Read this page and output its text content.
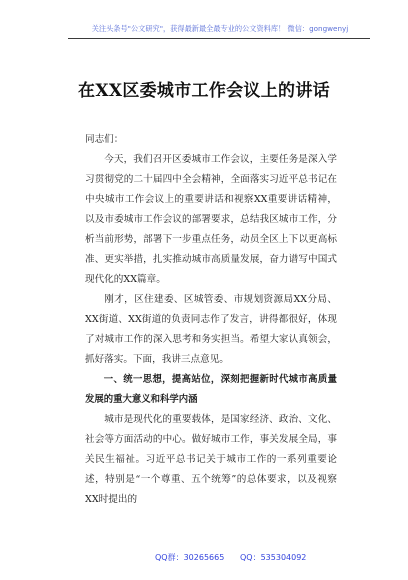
关注头条号"公文研究"，获得最新最全最专业的公文资料库！ 微信：gongwenyj
在XX区委城市工作会议上的讲话

同志们：

今天，我们召开区委城市工作会议，主要任务是深入学习贯彻党的二十届四中全会精神，全面落实习近平总书记在中央城市工作会议上的重要讲话和视察XX重要讲话精神，以及市委城市工作会议的部署要求，总结我区城市工作，分析当前形势，部署下一步重点任务，动员全区上下以更高标准、更实举措，扎实推动城市高质量发展，奋力谱写中国式现代化的XX篇章。

刚才，区住建委、区城管委、市规划资源局XX分局、XX街道、XX街道的负责同志作了发言，讲得都很好，体现了对城市工作的深入思考和务实担当。希望大家认真领会，抓好落实。下面，我讲三点意见。

一、统一思想，提高站位，深刻把握新时代城市高质量发展的重大意义和科学内涵

城市是现代化的重要载体，是国家经济、政治、文化、社会等方面活动的中心。做好城市工作，事关发展全局，事关民生福祉。习近平总书记关于城市工作的一系列重要论述，特别是“一个尊重、五个统筹”的总体要求，以及视察XX时提出的

QQ群：30265665 QQ：535304092
